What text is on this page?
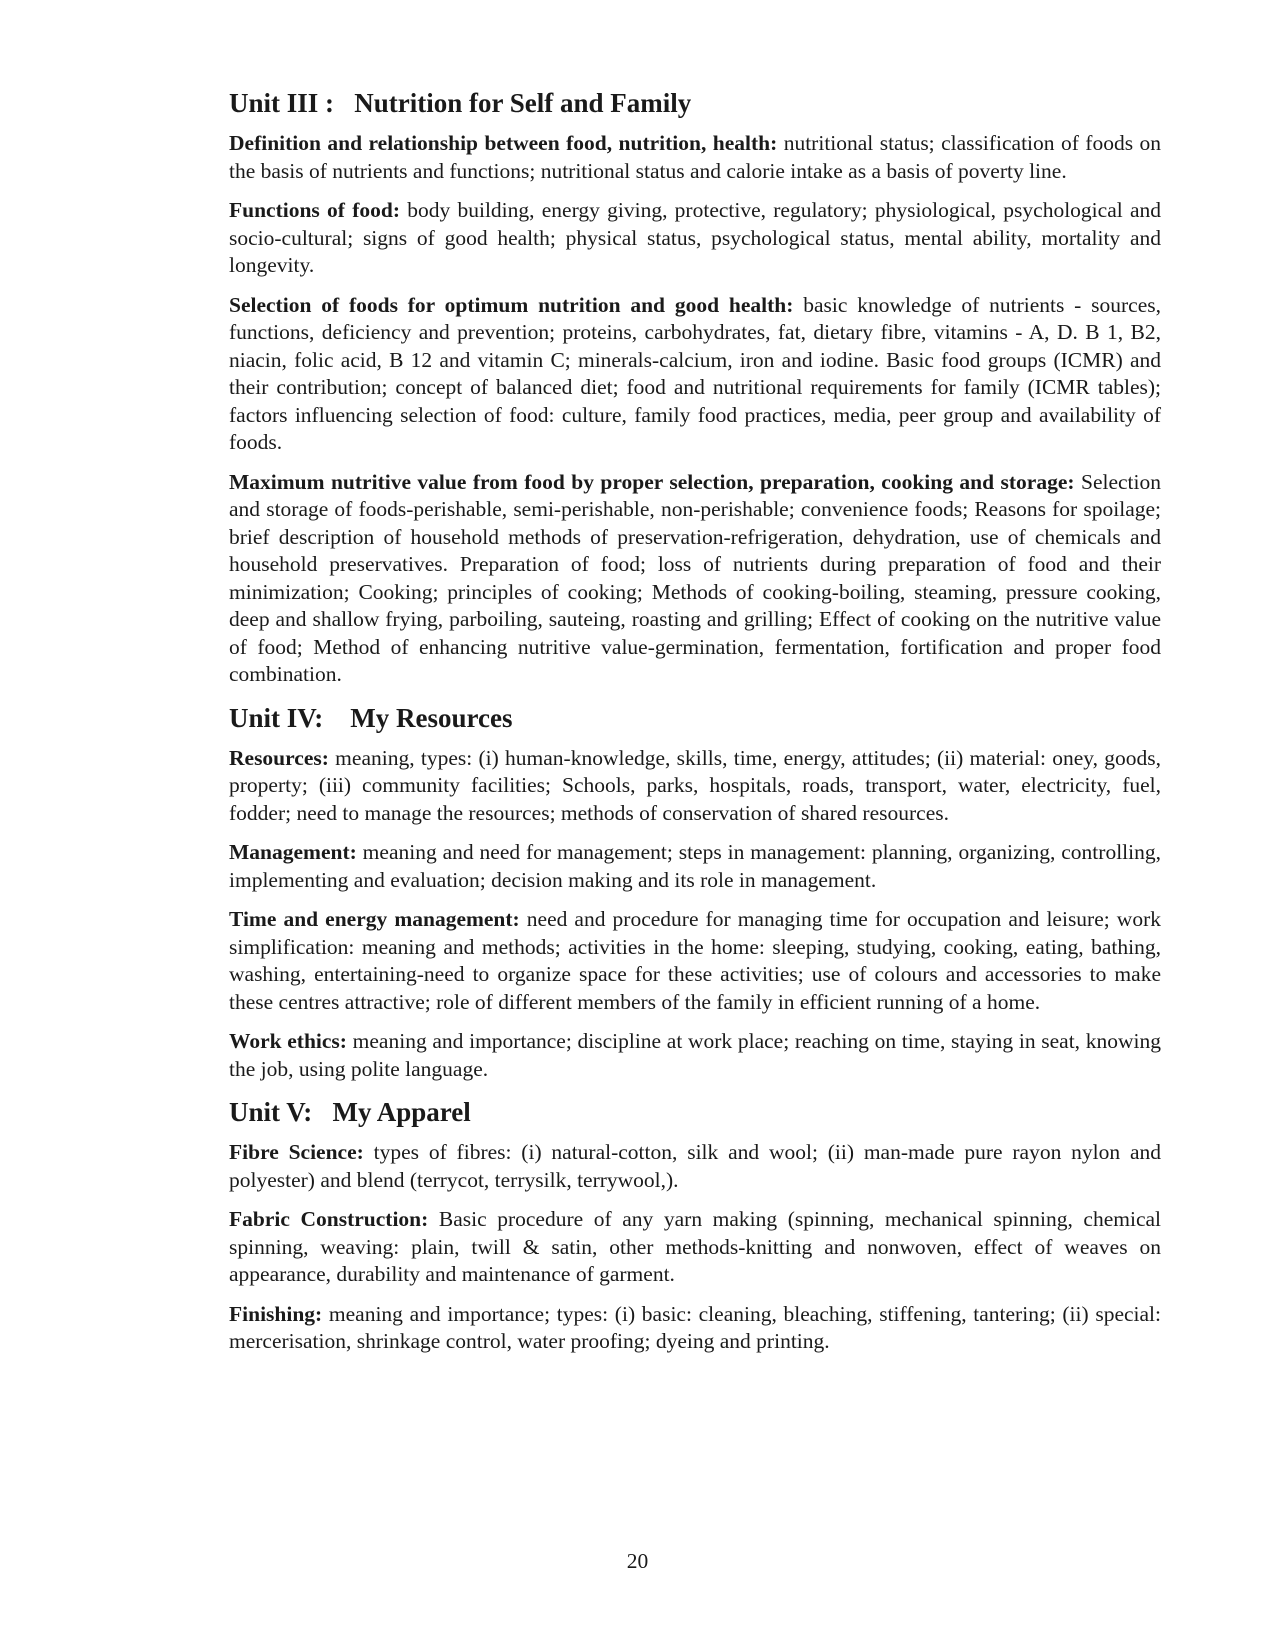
Unit III :   Nutrition for Self and Family

Definition and relationship between food, nutrition, health: nutritional status; classification of foods on the basis of nutrients and functions; nutritional status and calorie intake as a basis of poverty line.

Functions of food: body building, energy giving, protective, regulatory; physiological, psychological and socio-cultural; signs of good health; physical status, psychological status, mental ability, mortality and longevity.

Selection of foods for optimum nutrition and good health: basic knowledge of nutrients - sources, functions, deficiency and prevention; proteins, carbohydrates, fat, dietary fibre, vitamins - A, D. B 1, B2, niacin, folic acid, B 12 and vitamin C; minerals-calcium, iron and iodine. Basic food groups (ICMR) and their contribution; concept of balanced diet; food and nutritional requirements for family (ICMR tables); factors influencing selection of food: culture, family food practices, media, peer group and availability of foods.

Maximum nutritive value from food by proper selection, preparation, cooking and storage: Selection and storage of foods-perishable, semi-perishable, non-perishable; convenience foods; Reasons for spoilage; brief description of household methods of preservation-refrigeration, dehydration, use of chemicals and household preservatives. Preparation of food; loss of nutrients during preparation of food and their minimization; Cooking; principles of cooking; Methods of cooking-boiling, steaming, pressure cooking, deep and shallow frying, parboiling, sauteing, roasting and grilling; Effect of cooking on the nutritive value of food; Method of enhancing nutritive value-germination, fermentation, fortification and proper food combination.

Unit IV:    My Resources

Resources: meaning, types: (i) human-knowledge, skills, time, energy, attitudes; (ii) material: oney, goods, property; (iii) community facilities; Schools, parks, hospitals, roads, transport, water, electricity, fuel, fodder; need to manage the resources; methods of conservation of shared resources.

Management: meaning and need for management; steps in management: planning, organizing, controlling, implementing and evaluation; decision making and its role in management.

Time and energy management: need and procedure for managing time for occupation and leisure; work simplification: meaning and methods; activities in the home: sleeping, studying, cooking, eating, bathing, washing, entertaining-need to organize space for these activities; use of colours and accessories to make these centres attractive; role of different members of the family in efficient running of a home.

Work ethics: meaning and importance; discipline at work place; reaching on time, staying in seat, knowing the job, using polite language.

Unit V:   My Apparel

Fibre Science: types of fibres: (i) natural-cotton, silk and wool; (ii) man-made pure rayon nylon and polyester) and blend (terrycot, terrysilk, terrywool,).

Fabric Construction: Basic procedure of any yarn making (spinning, mechanical spinning, chemical spinning, weaving: plain, twill & satin, other methods-knitting and nonwoven, effect of weaves on appearance, durability and maintenance of garment.

Finishing: meaning and importance; types: (i) basic: cleaning, bleaching, stiffening, tantering; (ii) special: mercerisation, shrinkage control, water proofing; dyeing and printing.

20
